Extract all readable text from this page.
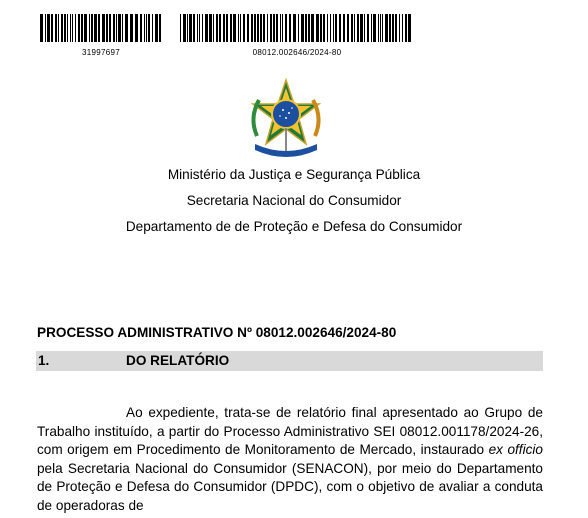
31997697	08012.002646/2024-80
Ministério da Justiça e Segurança Pública
Secretaria Nacional do Consumidor
Departamento de de Proteção e Defesa do Consumidor
PROCESSO ADMINISTRATIVO Nº 08012.002646/2024-80
1.	DO RELATÓRIO

Ao expediente, trata-se de relatório final apresentado ao Grupo de Trabalho instituído, a partir do Processo Administrativo SEI 08012.001178/2024-26, com origem em Procedimento de Monitoramento de Mercado, instaurado ex officio pela Secretaria Nacional do Consumidor (SENACON), por meio do Departamento de Proteção e Defesa do Consumidor (DPDC), com o objetivo de avaliar a conduta de operadoras de
